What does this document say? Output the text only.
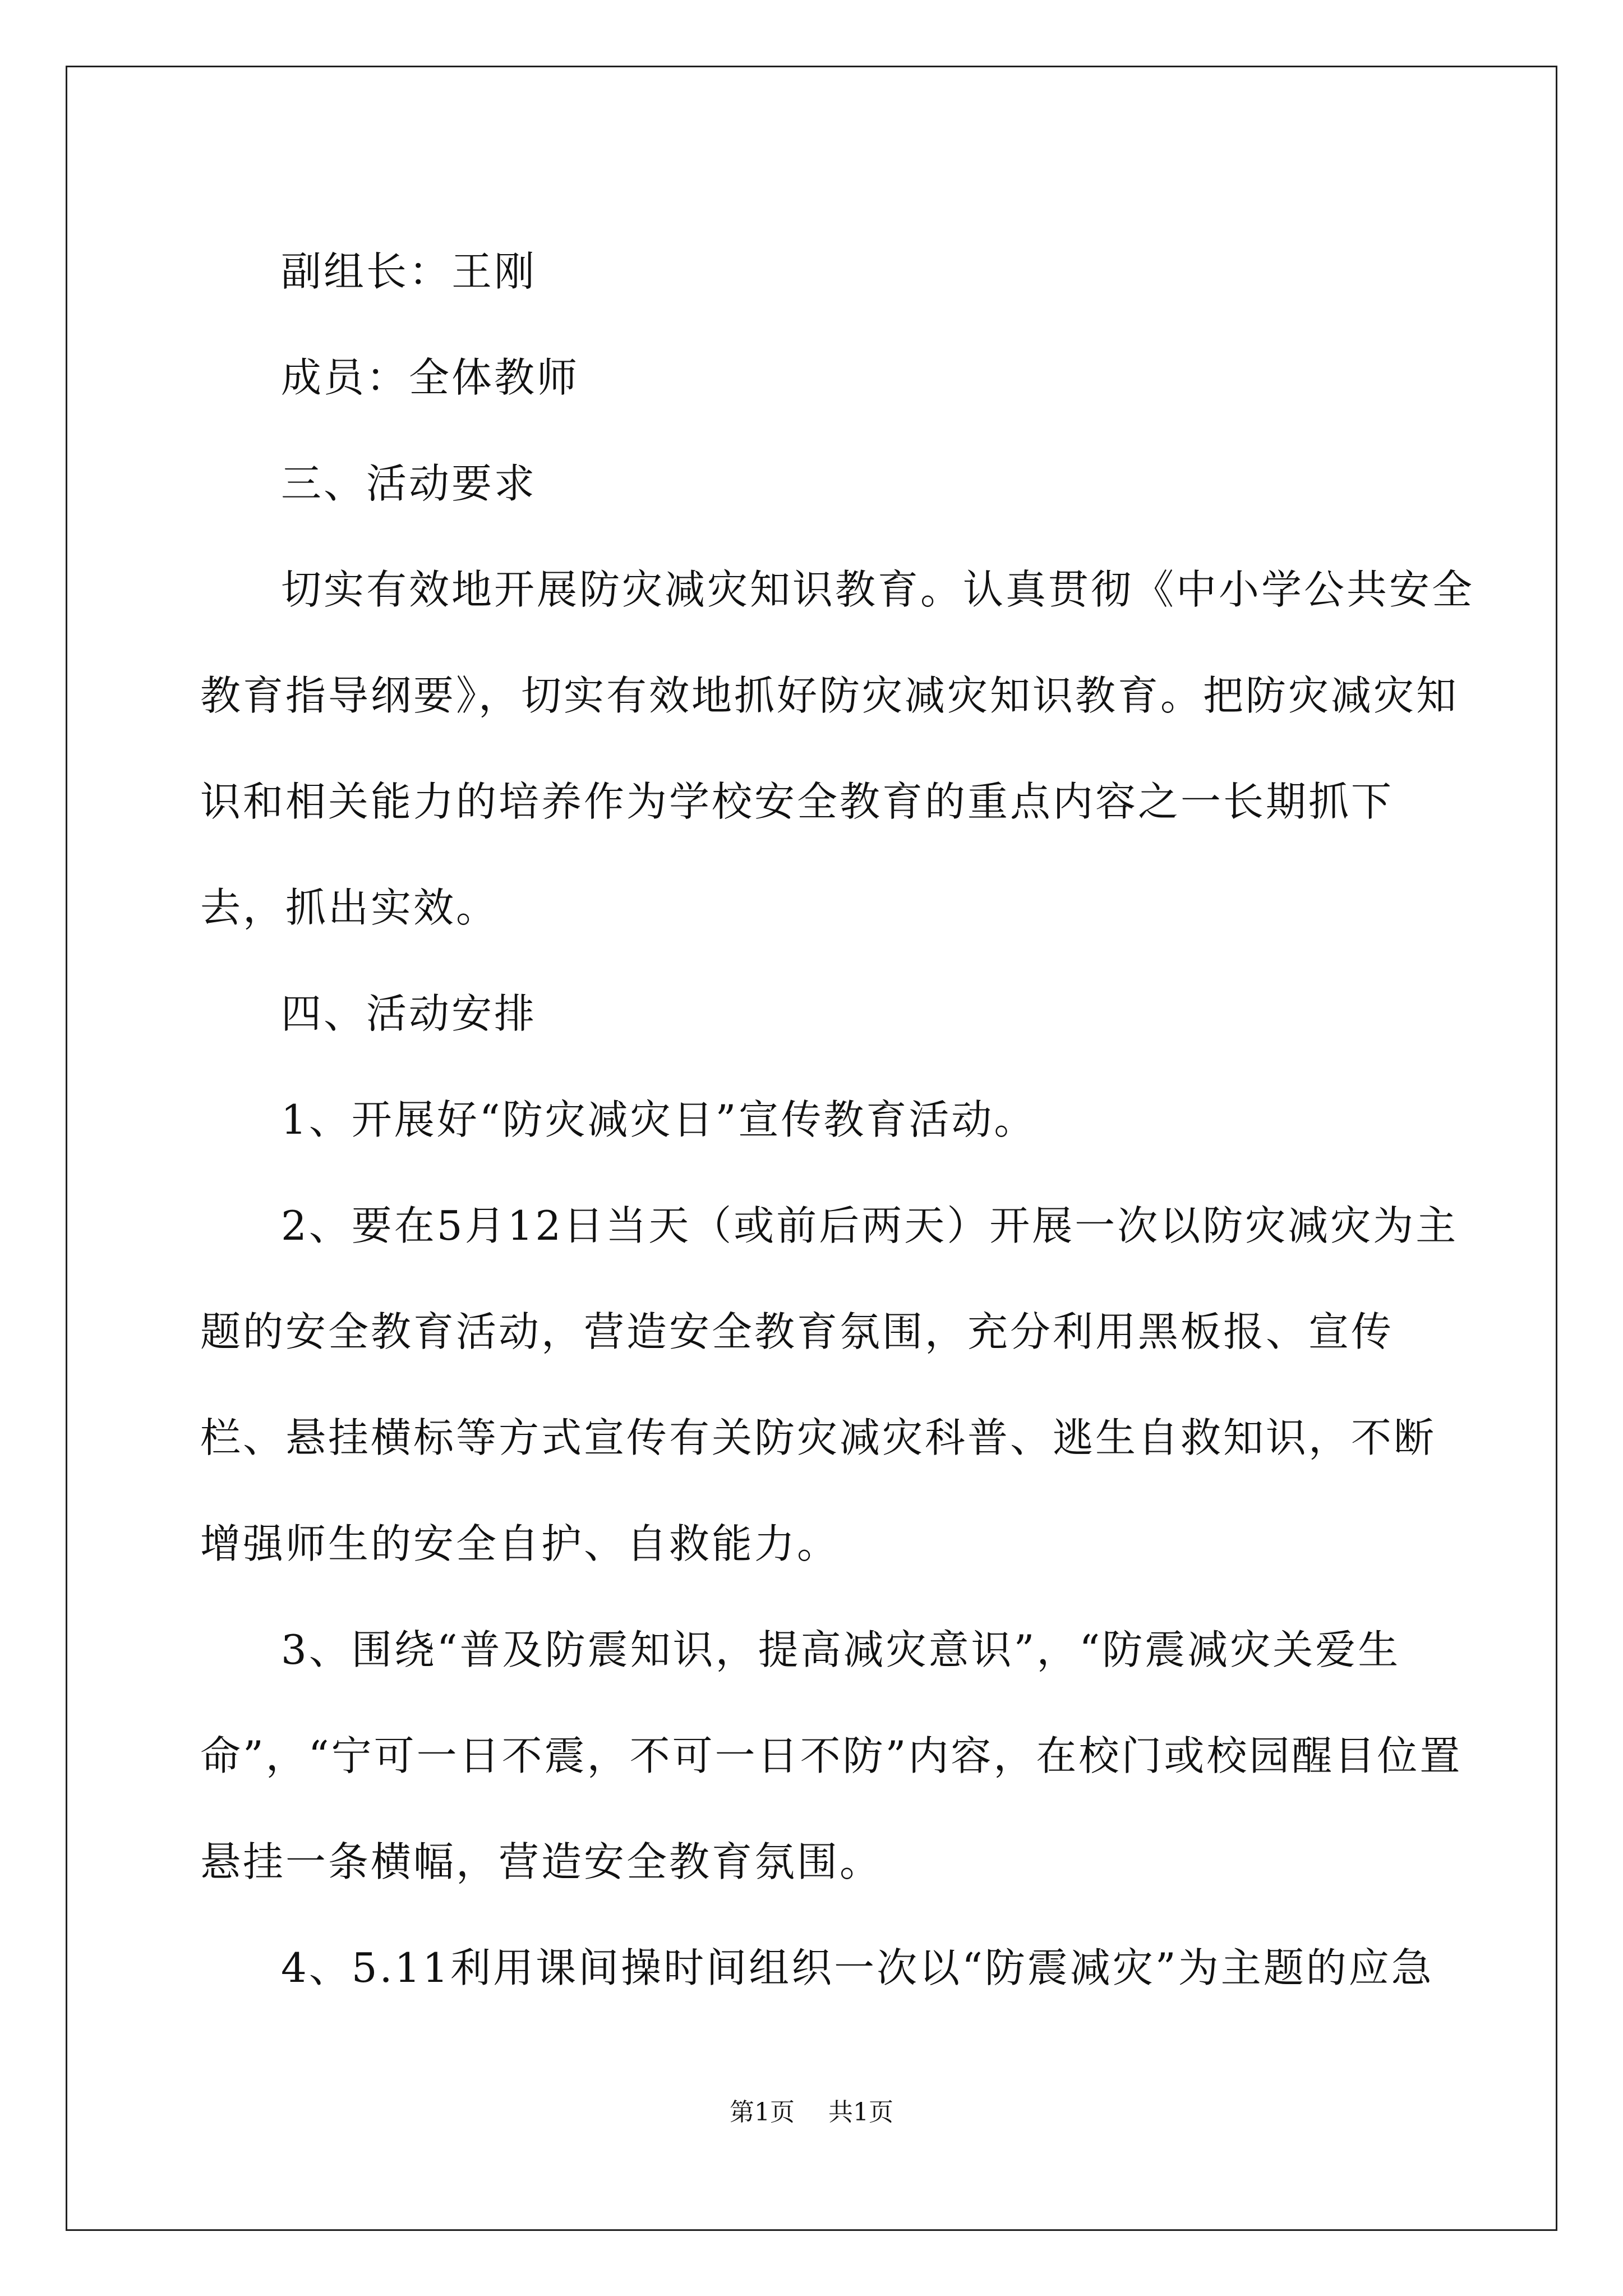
副组长：王刚

成员：全体教师

三、活动要求

切实有效地开展防灾减灾知识教育。认真贯彻《中小学公共安全教育指导纲要》，切实有效地抓好防灾减灾知识教育。把防灾减灾知识和相关能力的培养作为学校安全教育的重点内容之一长期抓下去，抓出实效。

四、活动安排

1、开展好“防灾减灾日”宣传教育活动。

2、要在5月12日当天（或前后两天）开展一次以防灾减灾为主题的安全教育活动，营造安全教育氛围，充分利用黑板报、宣传栏、悬挂横标等方式宣传有关防灾减灾科普、逃生自救知识，不断增强师生的安全自护、自救能力。

3、围绕“普及防震知识，提高减灾意识”，“防震减灾关爱生命”，“宁可一日不震，不可一日不防”内容，在校门或校园醒目位置悬挂一条横幅，营造安全教育氛围。

4、5.11利用课间操时间组织一次以“防震减灾”为主题的应急

第1页 共1页
